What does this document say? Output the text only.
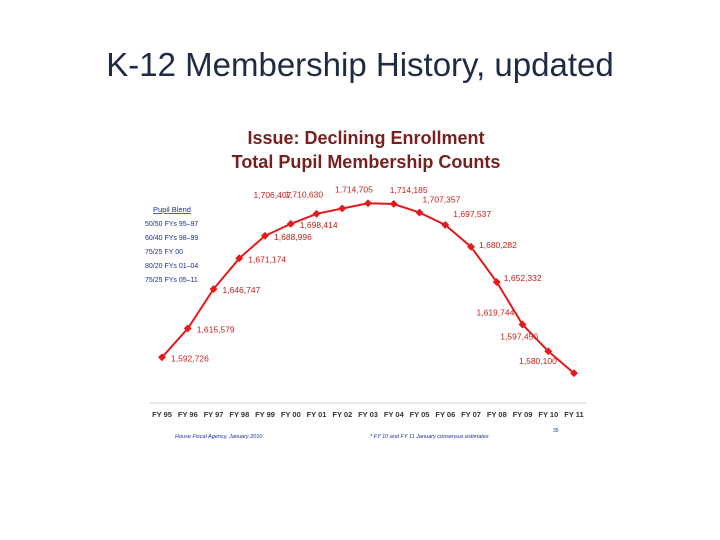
K-12 Membership History, updated
Issue: Declining Enrollment
Total Pupil Membership Counts
Pupil Blend
50/50 FYs 95–97
60/40 FYs 98–99
75/25 FY 00
80/20 FYs 01–04
75/25 FYs 05–11
1,592,726
1,615,579
1,646,747
1,671,174
1,688,996
1,698,414
1,706,407
1,710,630
1,714,705 1,714,185
1,707,357
1,697,537
1,680,282
1,652,332
1,619,744
1,597,450
1,580,100
FY 95 FY 96 FY 97 FY 98 FY 99 FY 00 FY 01 FY 02 FY 03 FY 04 FY 05 FY 06 FY 07 FY 08 FY 09 FY 10 FY 11
House Fiscal Agency, January 2010	* FY 10 and FY 11 January consensus estimates
35
